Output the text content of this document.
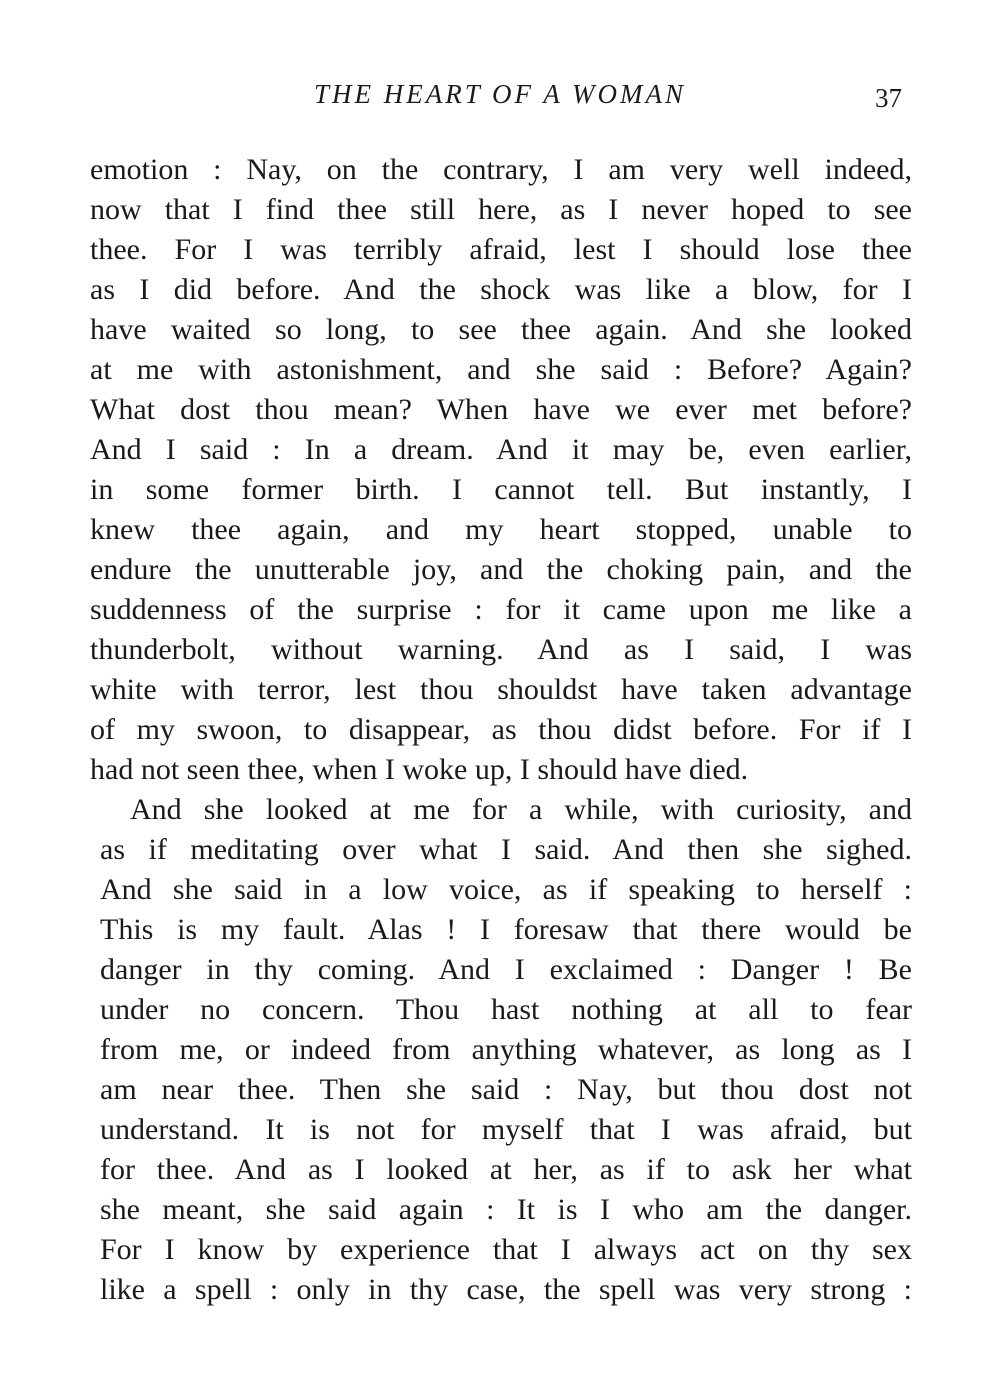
THE HEART OF A WOMAN	37
emotion : Nay, on the contrary, I am very well indeed,
now that I find thee still here, as I never hoped to see
thee. For I was terribly afraid, lest I should lose thee
as I did before. And the shock was like a blow, for I
have waited so long, to see thee again. And she looked
at me with astonishment, and she said : Before? Again?
What dost thou mean? When have we ever met before?
And I said : In a dream. And it may be, even earlier,
in some former birth. I cannot tell. But instantly, I
knew thee again, and my heart stopped, unable to
endure the unutterable joy, and the choking pain, and the
suddenness of the surprise : for it came upon me like a
thunderbolt, without warning. And as I said, I was
white with terror, lest thou shouldst have taken advantage
of my swoon, to disappear, as thou didst before. For if I
had not seen thee, when I woke up, I should have died.
And she looked at me for a while, with curiosity, and
as if meditating over what I said. And then she sighed.
And she said in a low voice, as if speaking to herself :
This is my fault. Alas ! I foresaw that there would be
danger in thy coming. And I exclaimed : Danger ! Be
under no concern. Thou hast nothing at all to fear
from me, or indeed from anything whatever, as long as I
am near thee. Then she said : Nay, but thou dost not
understand. It is not for myself that I was afraid, but
for thee. And as I looked at her, as if to ask her what
she meant, she said again : It is I who am the danger.
For I know by experience that I always act on thy sex
like a spell : only in thy case, the spell was very strong :
